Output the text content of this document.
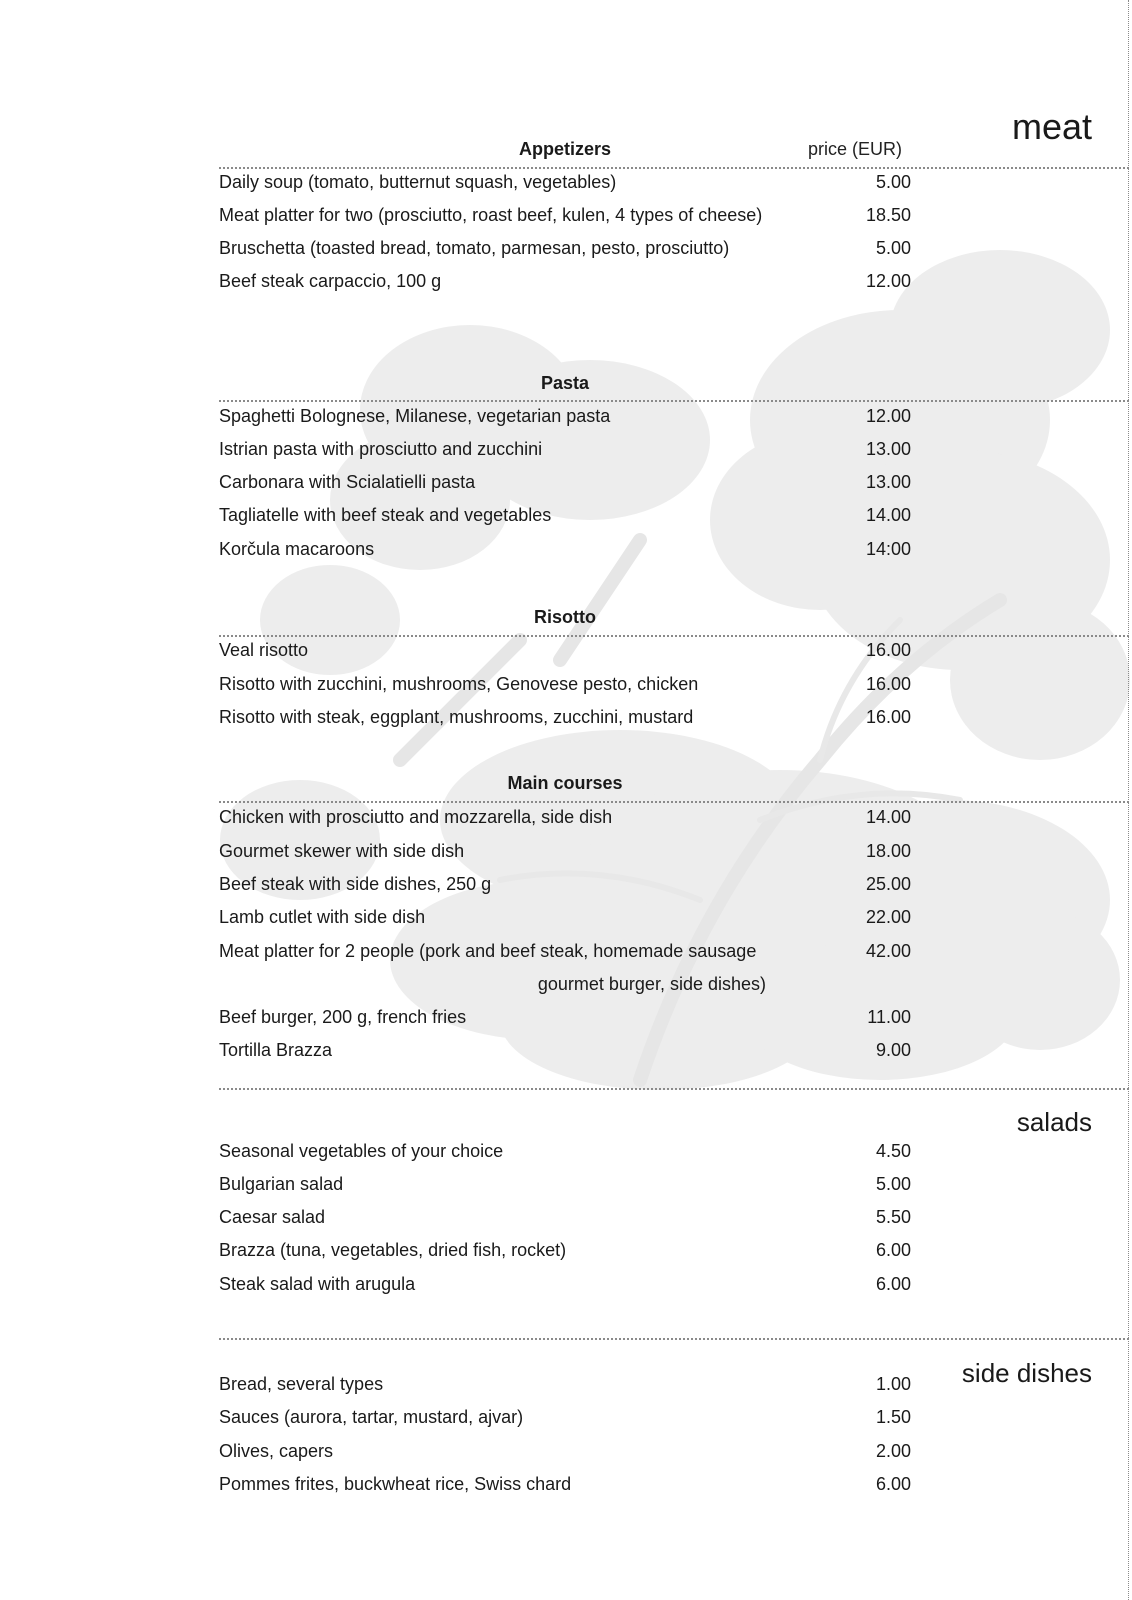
meat
salads
side dishes
Appetizers	price (EUR)
Daily soup (tomato, butternut squash, vegetables)	5.00
Meat platter for two (prosciutto, roast beef, kulen, 4 types of cheese)	18.50
Bruschetta (toasted bread, tomato, parmesan, pesto, prosciutto)	5.00
Beef steak carpaccio, 100 g	12.00
Pasta
Spaghetti Bolognese, Milanese, vegetarian pasta	12.00
Istrian pasta with prosciutto and zucchini	13.00
Carbonara with Scialatielli pasta	13.00
Tagliatelle with beef steak and vegetables	14.00
Korčula macaroons	14:00
Risotto
Veal risotto	16.00
Risotto with zucchini, mushrooms, Genovese pesto, chicken	16.00
Risotto with steak, eggplant, mushrooms, zucchini, mustard	16.00
Main courses
Chicken with prosciutto and mozzarella, side dish	14.00
Gourmet skewer with side dish	18.00
Beef steak with side dishes, 250 g	25.00
Lamb cutlet with side dish	22.00
Meat platter for 2 people (pork and beef steak, homemade sausage	42.00
gourmet burger, side dishes)
Beef burger, 200 g, french fries	11.00
Tortilla Brazza	9.00
Seasonal vegetables of your choice	4.50
Bulgarian salad	5.00
Caesar salad	5.50
Brazza (tuna, vegetables, dried fish, rocket)	6.00
Steak salad with arugula	6.00
Bread, several types	1.00
Sauces (aurora, tartar, mustard, ajvar)	1.50
Olives, capers	2.00
Pommes frites, buckwheat rice, Swiss chard	6.00
